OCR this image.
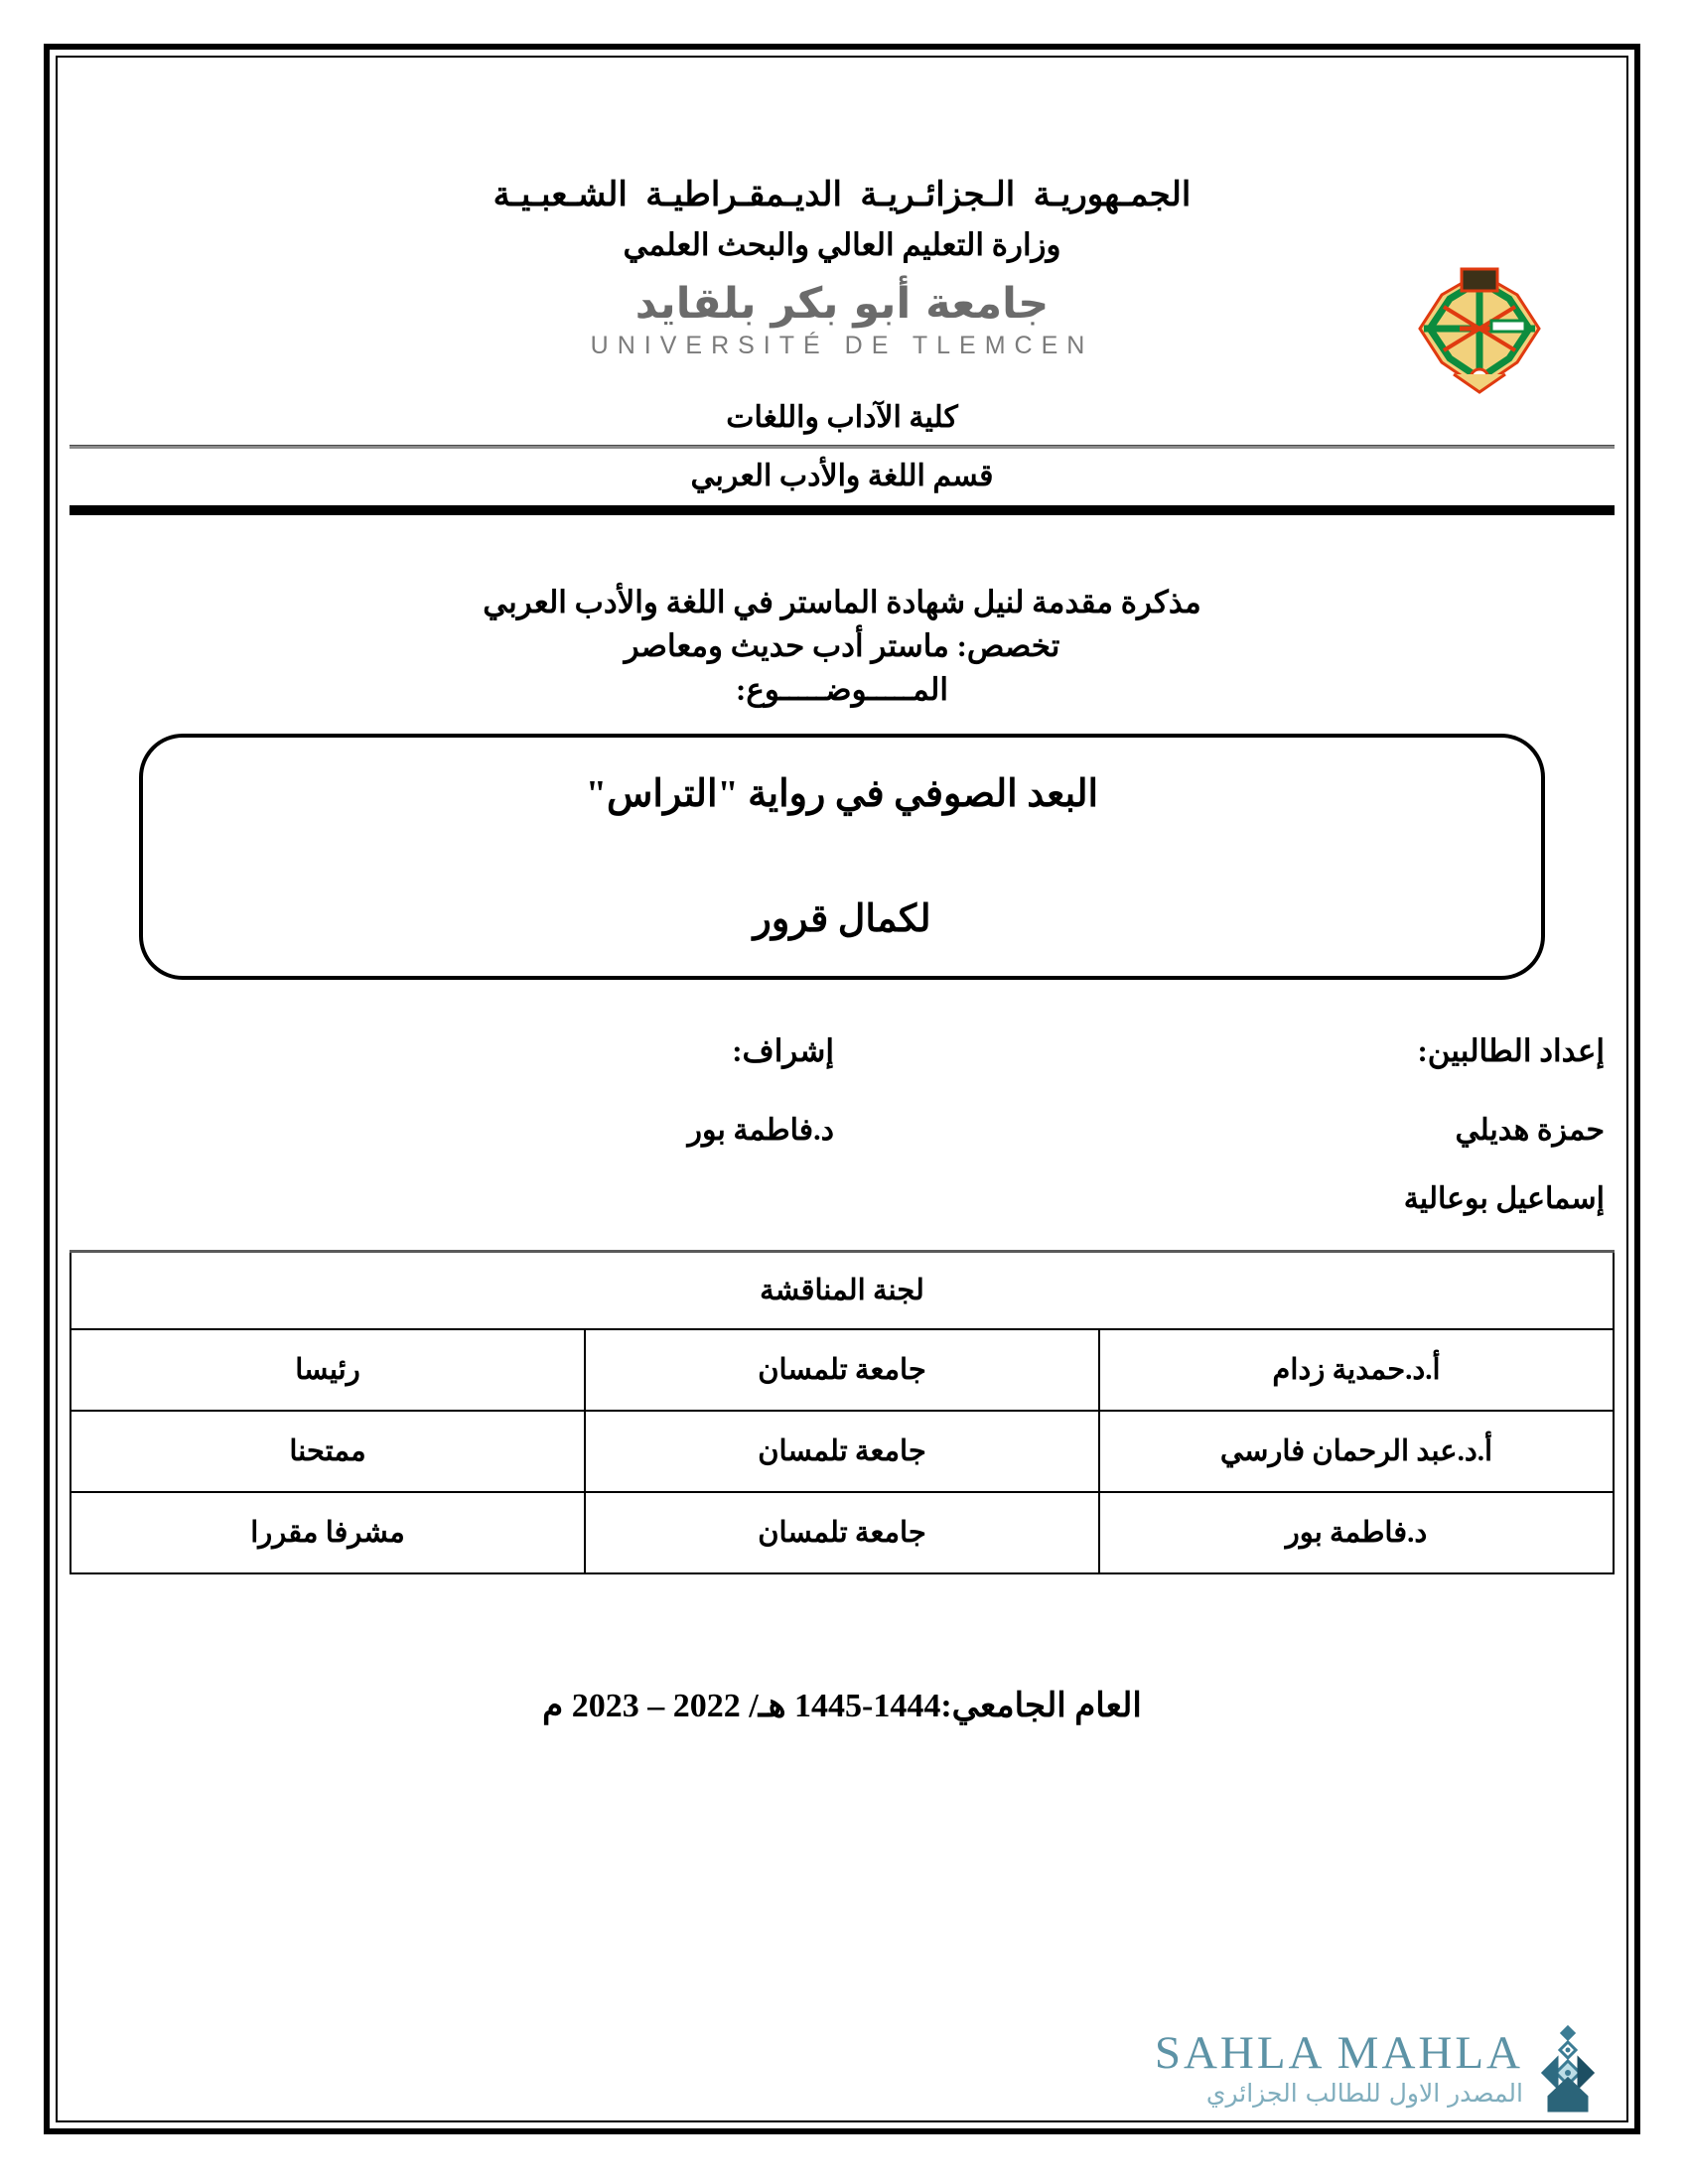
الجمـهوريـة الـجزائـريـة الديـمقـراطيـة الشـعبـيـة
وزارة التعليم العالي والبحث العلمي
جامعة أبو بكر بلقايد
UNIVERSITÉ DE TLEMCEN
كلية الآداب واللغات
قسم اللغة والأدب العربي
مذكرة مقدمة لنيل شهادة الماستر في اللغة والأدب العربي
تخصص: ماستر أدب حديث ومعاصر
المـــــوضـــــوع:
البعد الصوفي في رواية "التراس"
لكمال قرور
إعداد الطالبين:
حمزة هديلي
إسماعيل بوعالية
إشراف:
د.فاطمة بور
لجنة المناقشة		
أ.د.حمدية زدام	جامعة تلمسان	رئيسا
أ.د.عبد الرحمان فارسي	جامعة تلمسان	ممتحنا
د.فاطمة بور	جامعة تلمسان	مشرفا مقررا
العام الجامعي:1444-1445 هـ/ 2022 – 2023 م
SAHLA MAHLA
المصدر الاول للطالب الجزائري
